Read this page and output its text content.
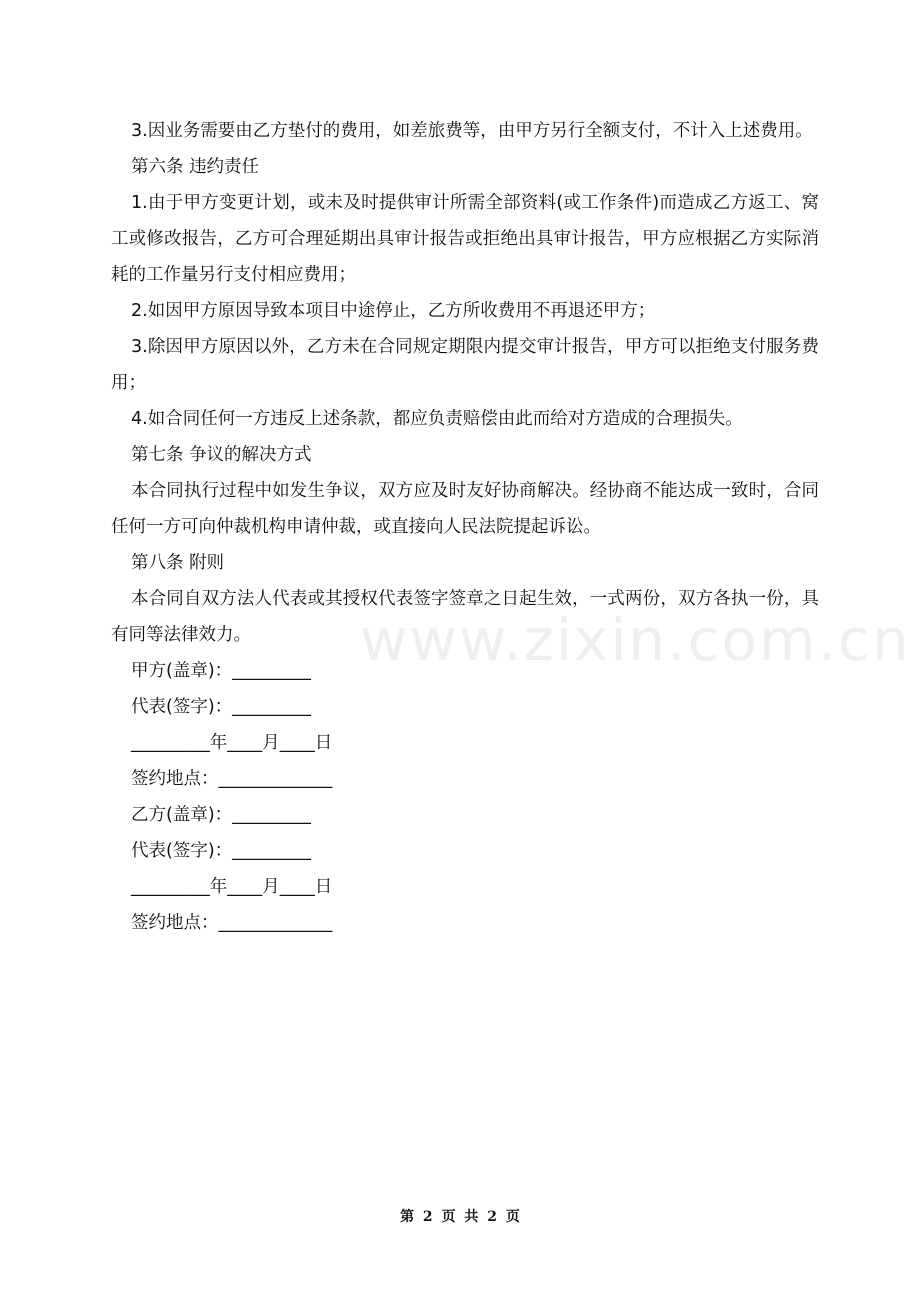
www.zixin.com.cn

3.因业务需要由乙方垫付的费用，如差旅费等，由甲方另行全额支付，不计入上述费用。

第六条 违约责任

1.由于甲方变更计划，或未及时提供审计所需全部资料(或工作条件)而造成乙方返工、窝工或修改报告，乙方可合理延期出具审计报告或拒绝出具审计报告，甲方应根据乙方实际消耗的工作量另行支付相应费用；

2.如因甲方原因导致本项目中途停止，乙方所收费用不再退还甲方；

3.除因甲方原因以外，乙方未在合同规定期限内提交审计报告，甲方可以拒绝支付服务费用；

4.如合同任何一方违反上述条款，都应负责赔偿由此而给对方造成的合理损失。

第七条 争议的解决方式

本合同执行过程中如发生争议，双方应及时友好协商解决。经协商不能达成一致时，合同任何一方可向仲裁机构申请仲裁，或直接向人民法院提起诉讼。

第八条 附则

本合同自双方法人代表或其授权代表签字签章之日起生效，一式两份，双方各执一份，具有同等法律效力。

甲方(盖章)：_________

代表(签字)：_________

_________年____月____日

签约地点：_____________

乙方(盖章)：_________

代表(签字)：_________

_________年____月____日

签约地点：_____________

第 2 页 共 2 页
